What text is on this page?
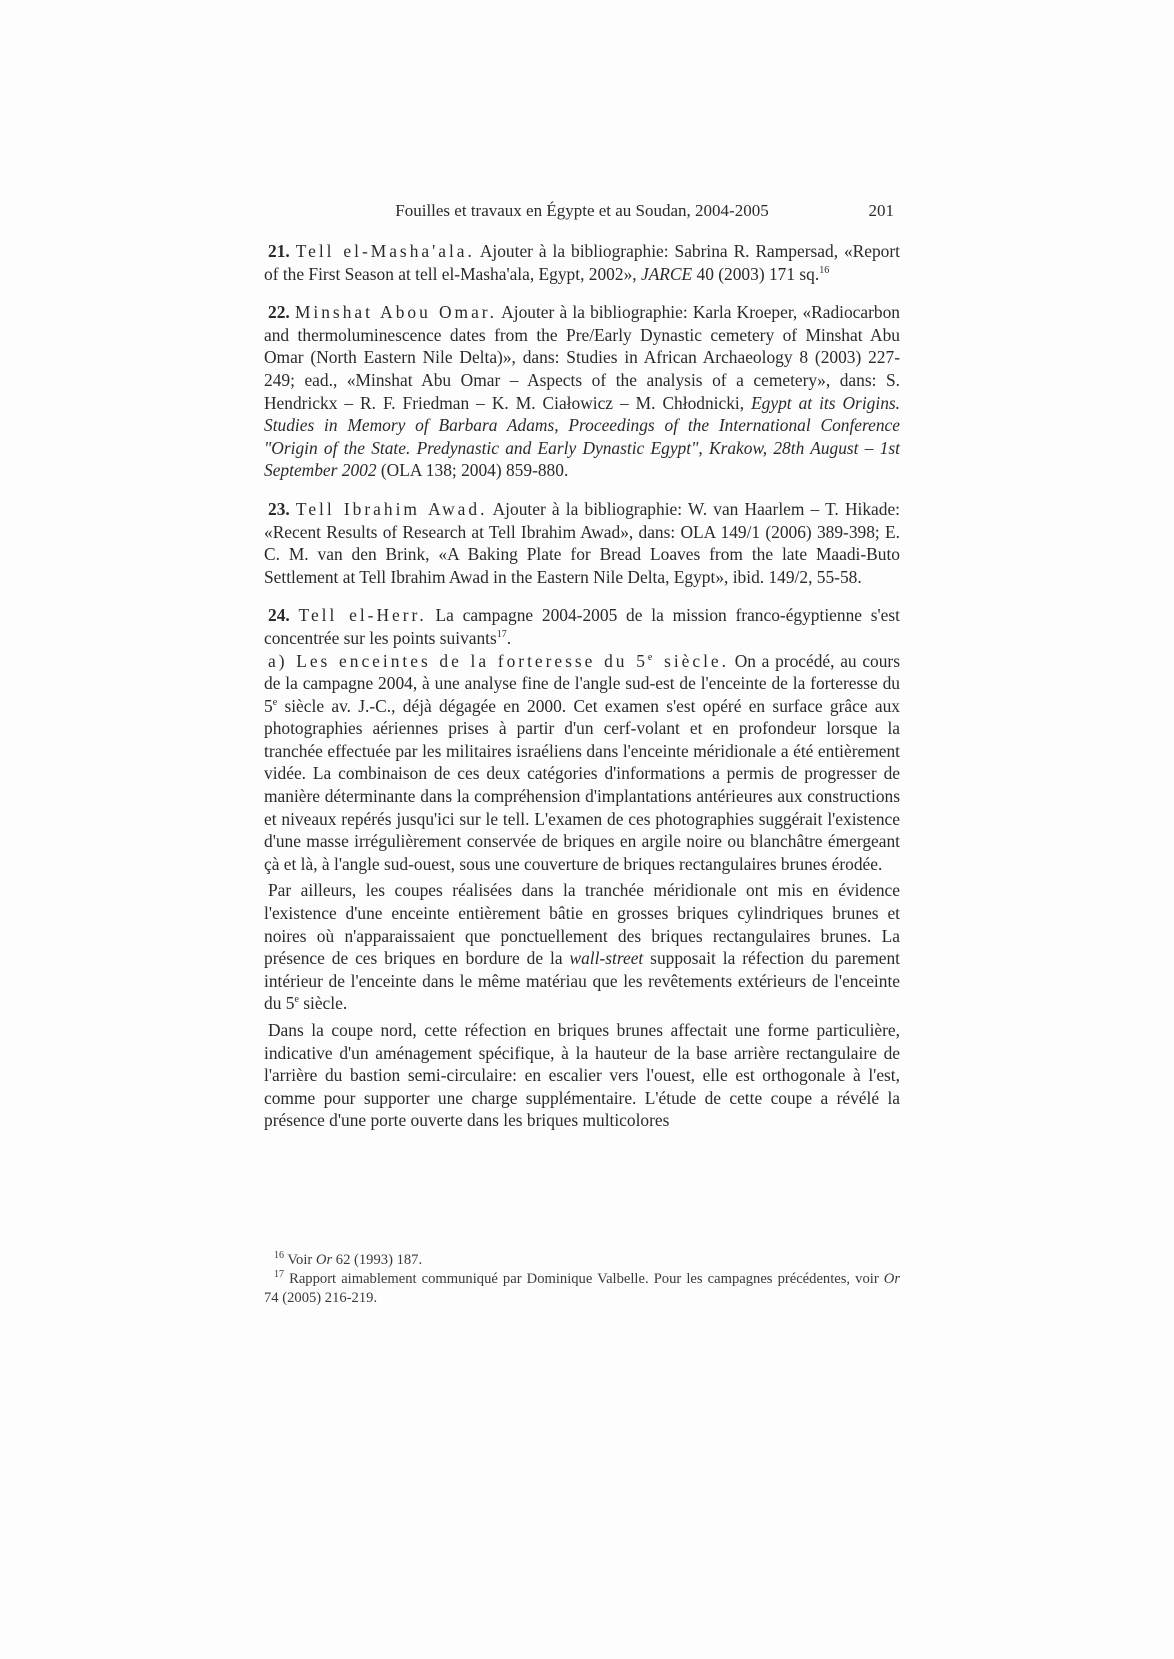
Fouilles et travaux en Égypte et au Soudan, 2004-2005	201

21. Tell el-Masha'ala. Ajouter à la bibliographie: Sabrina R. Rampersad, «Report of the First Season at tell el-Masha'ala, Egypt, 2002», JARCE 40 (2003) 171 sq.$^{16}$

22. Minshat Abou Omar. Ajouter à la bibliographie: Karla Kroeper, «Radiocarbon and thermoluminescence dates from the Pre/Early Dynastic cemetery of Minshat Abu Omar (North Eastern Nile Delta)», dans: Studies in African Archaeology 8 (2003) 227-249; ead., «Minshat Abu Omar – Aspects of the analysis of a cemetery», dans: S. Hendrickx – R. F. Friedman – K. M. Ciałowicz – M. Chłodnicki, Egypt at its Origins. Studies in Memory of Barbara Adams, Proceedings of the International Conference "Origin of the State. Predynastic and Early Dynastic Egypt", Krakow, 28th August – 1st September 2002 (OLA 138; 2004) 859-880.

23. Tell Ibrahim Awad. Ajouter à la bibliographie: W. van Haarlem – T. Hikade: «Recent Results of Research at Tell Ibrahim Awad», dans: OLA 149/1 (2006) 389-398; E. C. M. van den Brink, «A Baking Plate for Bread Loaves from the late Maadi-Buto Settlement at Tell Ibrahim Awad in the Eastern Nile Delta, Egypt», ibid. 149/2, 55-58.

24. Tell el-Herr. La campagne 2004-2005 de la mission franco-égyptienne s'est concentrée sur les points suivants$^{17}$.

a) Les enceintes de la forteresse du 5e siècle. On a procédé, au cours de la campagne 2004, à une analyse fine de l'angle sud-est de l'enceinte de la forteresse du 5e siècle av. J.-C., déjà dégagée en 2000. Cet examen s'est opéré en surface grâce aux photographies aériennes prises à partir d'un cerf-volant et en profondeur lorsque la tranchée effectuée par les militaires israéliens dans l'enceinte méridionale a été entièrement vidée. La combinaison de ces deux catégories d'informations a permis de progresser de manière déterminante dans la compréhension d'implantations antérieures aux constructions et niveaux repérés jusqu'ici sur le tell. L'examen de ces photographies suggérait l'existence d'une masse irrégulièrement conservée de briques en argile noire ou blanchâtre émergeant çà et là, à l'angle sud-ouest, sous une couverture de briques rectangulaires brunes érodée.

Par ailleurs, les coupes réalisées dans la tranchée méridionale ont mis en évidence l'existence d'une enceinte entièrement bâtie en grosses briques cylindriques brunes et noires où n'apparaissaient que ponctuellement des briques rectangulaires brunes. La présence de ces briques en bordure de la wall-street supposait la réfection du parement intérieur de l'enceinte dans le même matériau que les revêtements extérieurs de l'enceinte du 5e siècle.

Dans la coupe nord, cette réfection en briques brunes affectait une forme particulière, indicative d'un aménagement spécifique, à la hauteur de la base arrière rectangulaire de l'arrière du bastion semi-circulaire: en escalier vers l'ouest, elle est orthogonale à l'est, comme pour supporter une charge supplémentaire. L'étude de cette coupe a révélé la présence d'une porte ouverte dans les briques multicolores

$^{16}$ Voir Or 62 (1993) 187.

$^{17}$ Rapport aimablement communiqué par Dominique Valbelle. Pour les campagnes précédentes, voir Or 74 (2005) 216-219.
